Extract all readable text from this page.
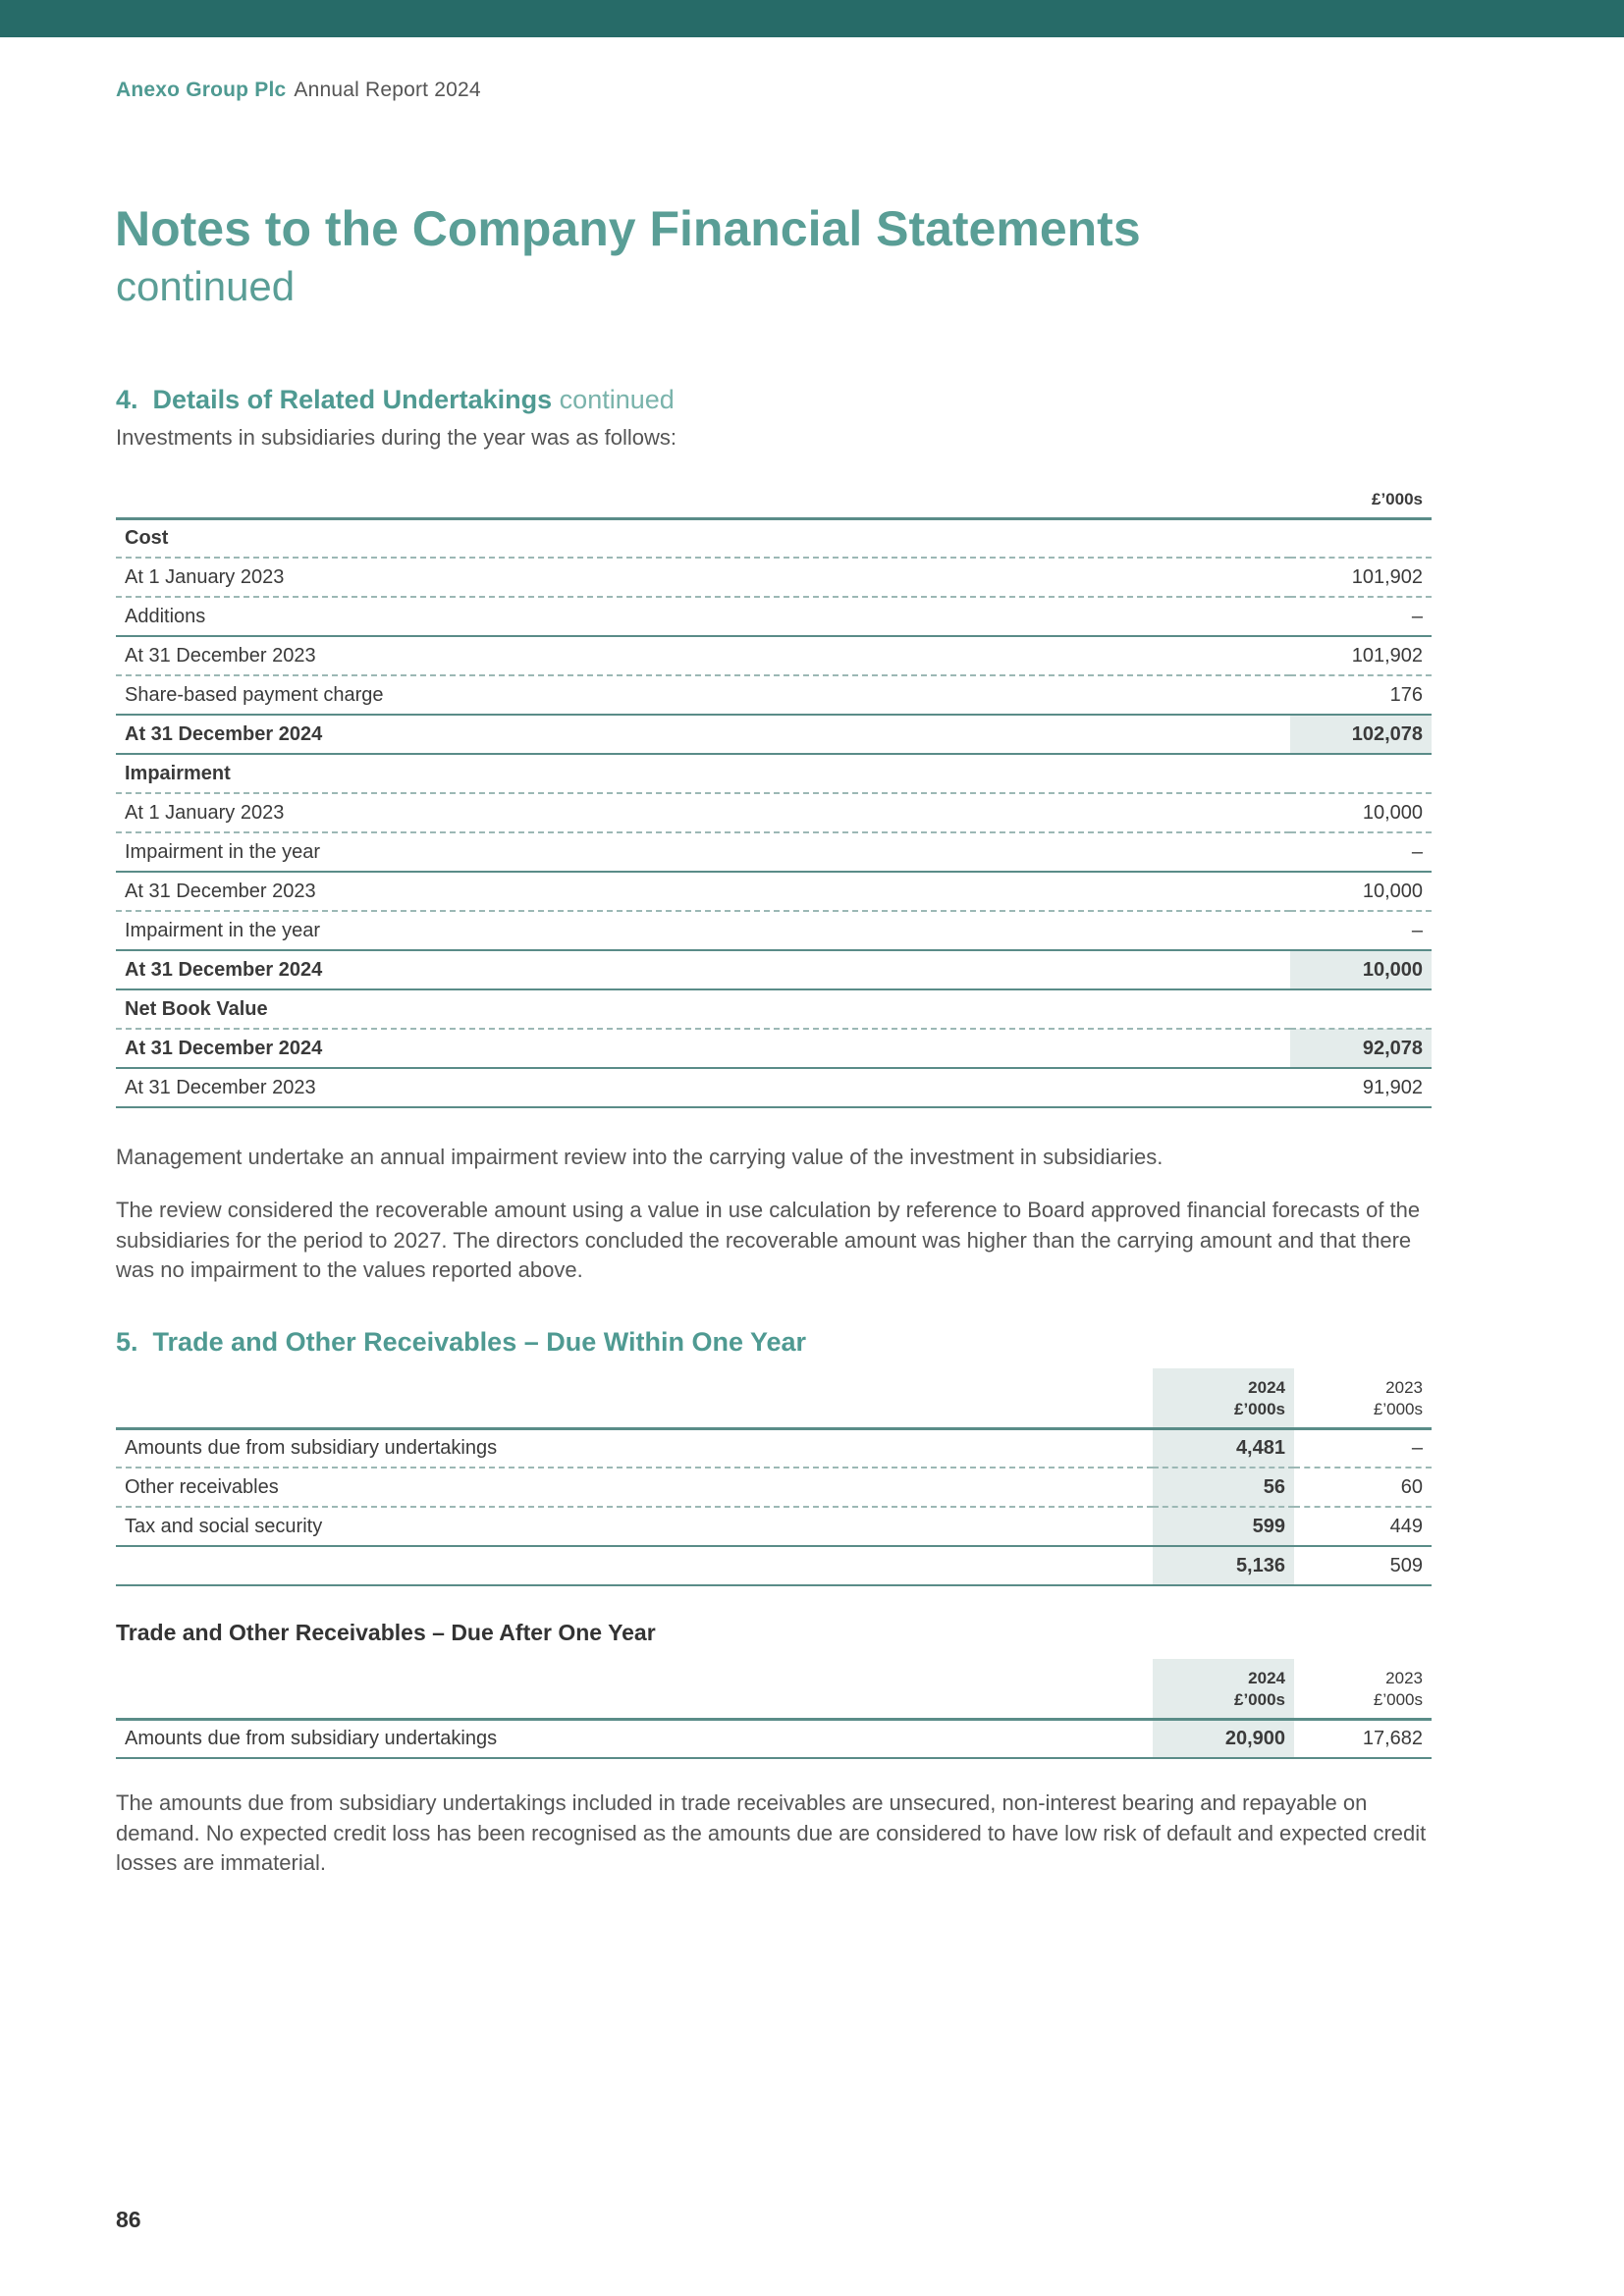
Anexo Group Plc Annual Report 2024
Notes to the Company Financial Statements
continued
4. Details of Related Undertakings continued

Investments in subsidiaries during the year was as follows:

	£’000s
Cost	
At 1 January 2023	101,902
Additions	–
At 31 December 2023	101,902
Share-based payment charge	176
At 31 December 2024	102,078
Impairment	
At 1 January 2023	10,000
Impairment in the year	–
At 31 December 2023	10,000
Impairment in the year	–
At 31 December 2024	10,000
Net Book Value	
At 31 December 2024	92,078
At 31 December 2023	91,902

Management undertake an annual impairment review into the carrying value of the investment in subsidiaries.

The review considered the recoverable amount using a value in use calculation by reference to Board approved financial forecasts of the subsidiaries for the period to 2027. The directors concluded the recoverable amount was higher than the carrying amount and that there was no impairment to the values reported above.

5. Trade and Other Receivables – Due Within One Year
	2024
£’000s	2023
£’000s
Amounts due from subsidiary undertakings	4,481	–
Other receivables	56	60
Tax and social security	599	449
	5,136	509
Trade and Other Receivables – Due After One Year
	2024
£’000s	2023
£’000s
Amounts due from subsidiary undertakings	20,900	17,682

The amounts due from subsidiary undertakings included in trade receivables are unsecured, non-interest bearing and repayable on demand. No expected credit loss has been recognised as the amounts due are considered to have low risk of default and expected credit losses are immaterial.

86
